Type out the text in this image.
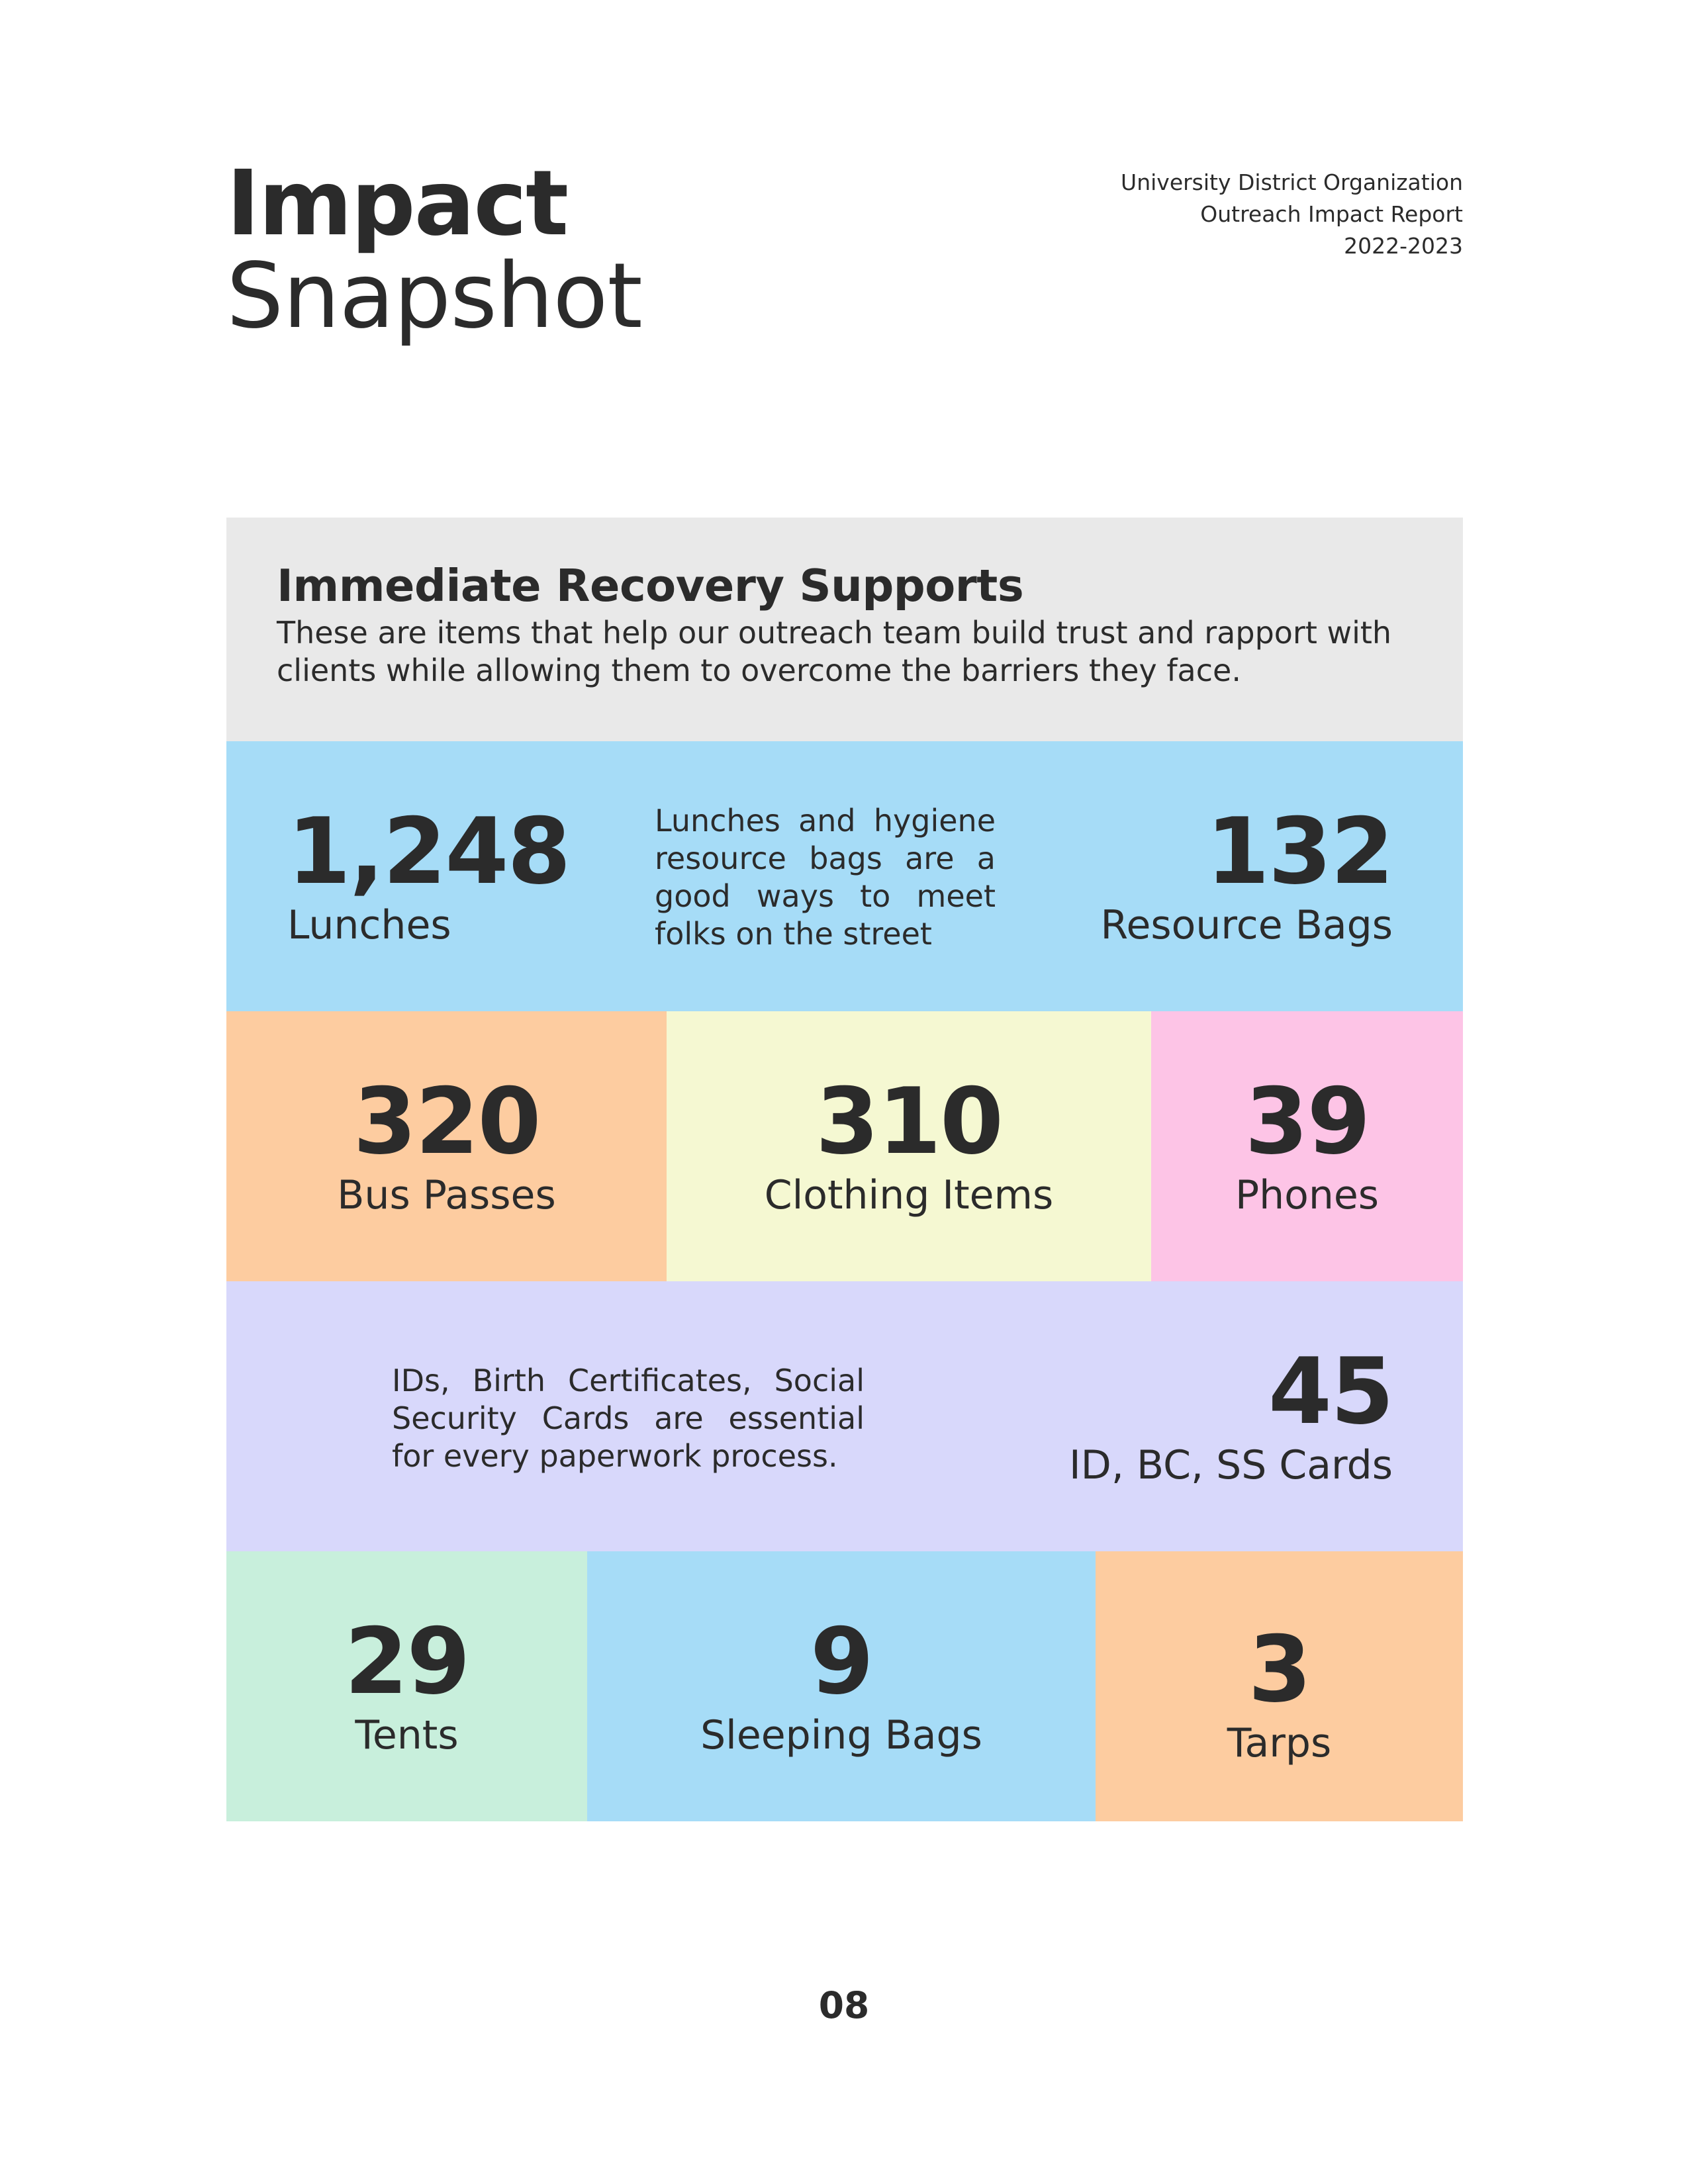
Impact
Snapshot
University District Organization
Outreach Impact Report
2022-2023
Immediate Recovery Supports
These are items that help our outreach team build trust and rapport with clients while allowing them to overcome the barriers they face.
1,248
Lunches
Lunches and hygiene resource bags are a good ways to meet folks on the street
132
Resource Bags
320
Bus Passes
310
Clothing Items
39
Phones
IDs, Birth Certificates, Social Security Cards are essential for every paperwork process.
45
ID, BC, SS Cards
29
Tents
9
Sleeping Bags
3
Tarps
08
